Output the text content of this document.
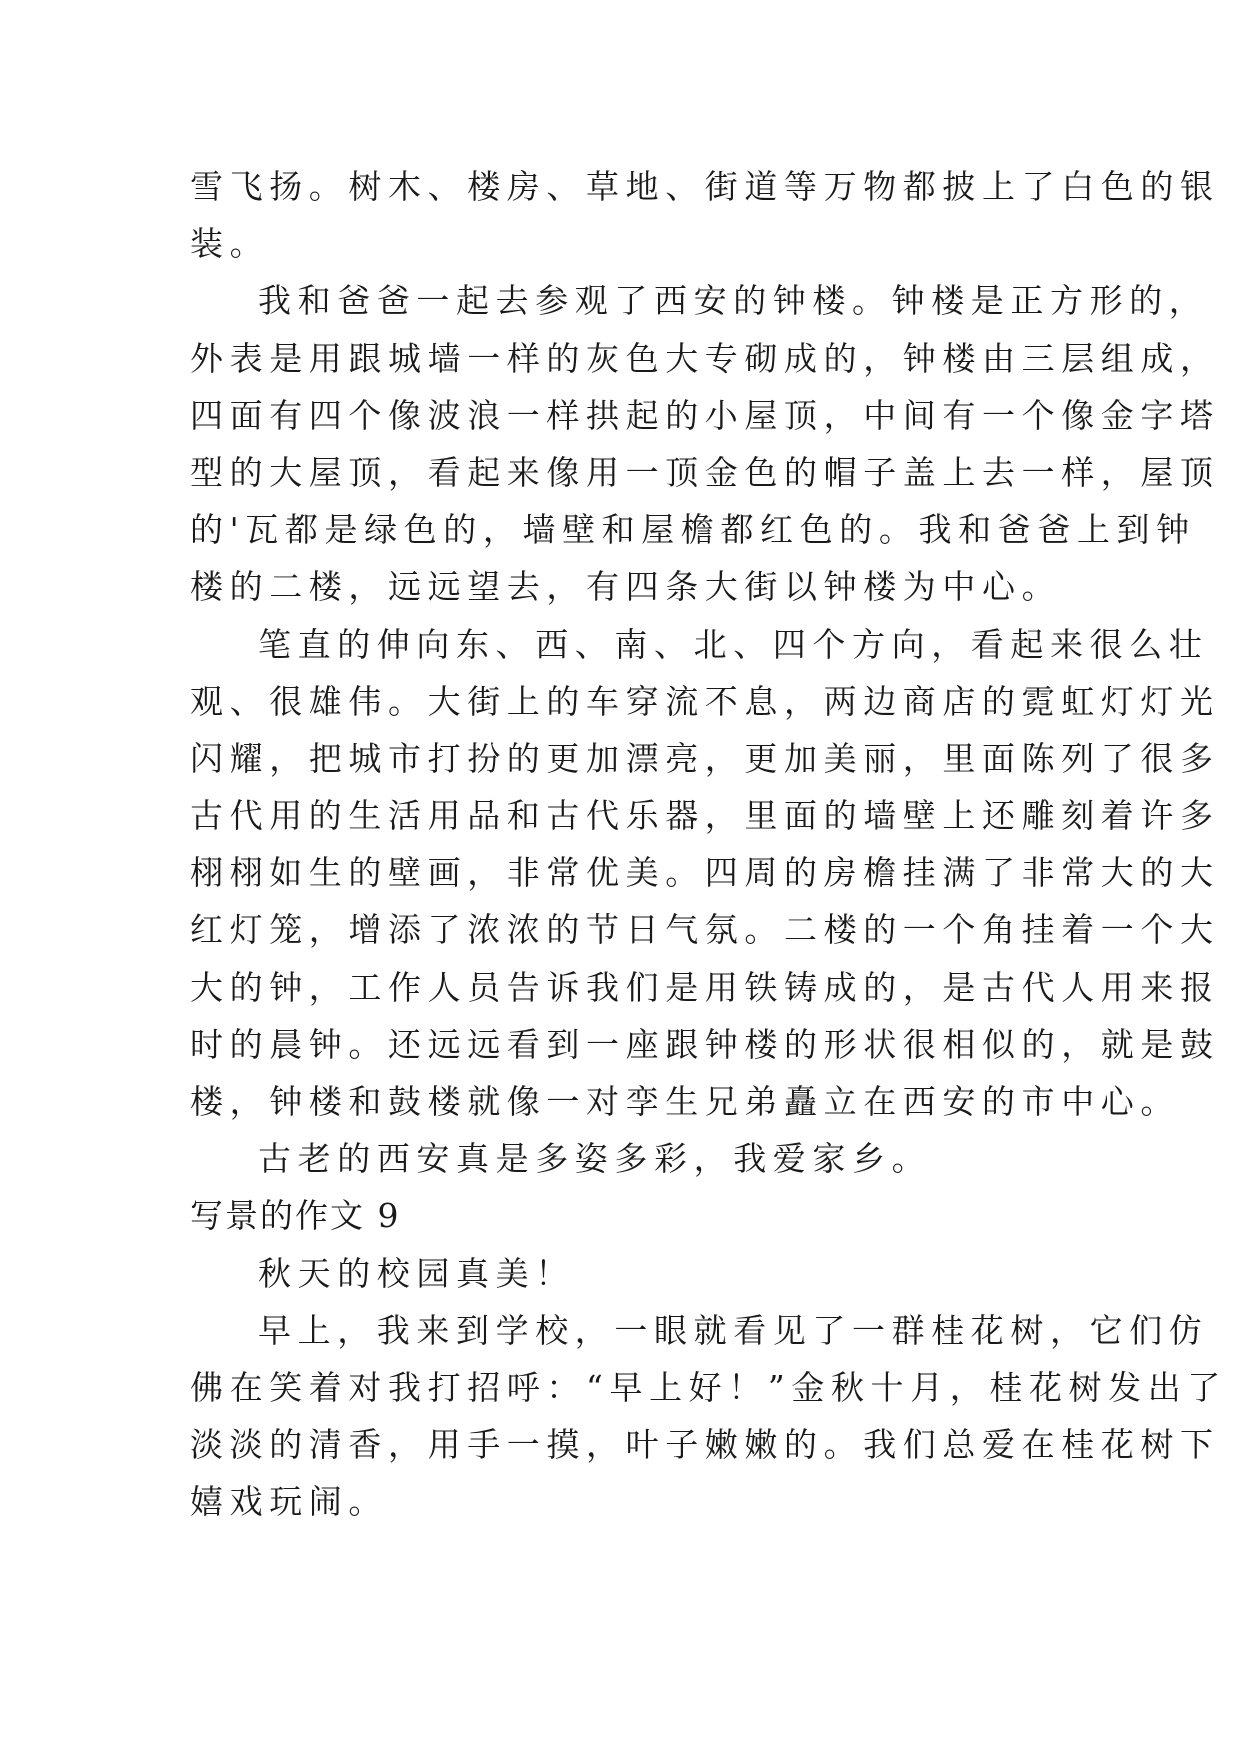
雪飞扬。树木、楼房、草地、街道等万物都披上了白色的银
装。
我和爸爸一起去参观了西安的钟楼。钟楼是正方形的，
外表是用跟城墙一样的灰色大专砌成的，钟楼由三层组成，
四面有四个像波浪一样拱起的小屋顶，中间有一个像金字塔
型的大屋顶，看起来像用一顶金色的帽子盖上去一样，屋顶
的'瓦都是绿色的，墙壁和屋檐都红色的。我和爸爸上到钟
楼的二楼，远远望去，有四条大街以钟楼为中心。
笔直的伸向东、西、南、北、四个方向，看起来很么壮
观、很雄伟。大街上的车穿流不息，两边商店的霓虹灯灯光
闪耀，把城市打扮的更加漂亮，更加美丽，里面陈列了很多
古代用的生活用品和古代乐器，里面的墙壁上还雕刻着许多
栩栩如生的壁画，非常优美。四周的房檐挂满了非常大的大
红灯笼，增添了浓浓的节日气氛。二楼的一个角挂着一个大
大的钟，工作人员告诉我们是用铁铸成的，是古代人用来报
时的晨钟。还远远看到一座跟钟楼的形状很相似的，就是鼓
楼，钟楼和鼓楼就像一对孪生兄弟矗立在西安的市中心。
古老的西安真是多姿多彩，我爱家乡。
写景的作文 9
秋天的校园真美！
早上，我来到学校，一眼就看见了一群桂花树，它们仿
佛在笑着对我打招呼：“早上好！”金秋十月，桂花树发出了
淡淡的清香，用手一摸，叶子嫩嫩的。我们总爱在桂花树下
嬉戏玩闹。
